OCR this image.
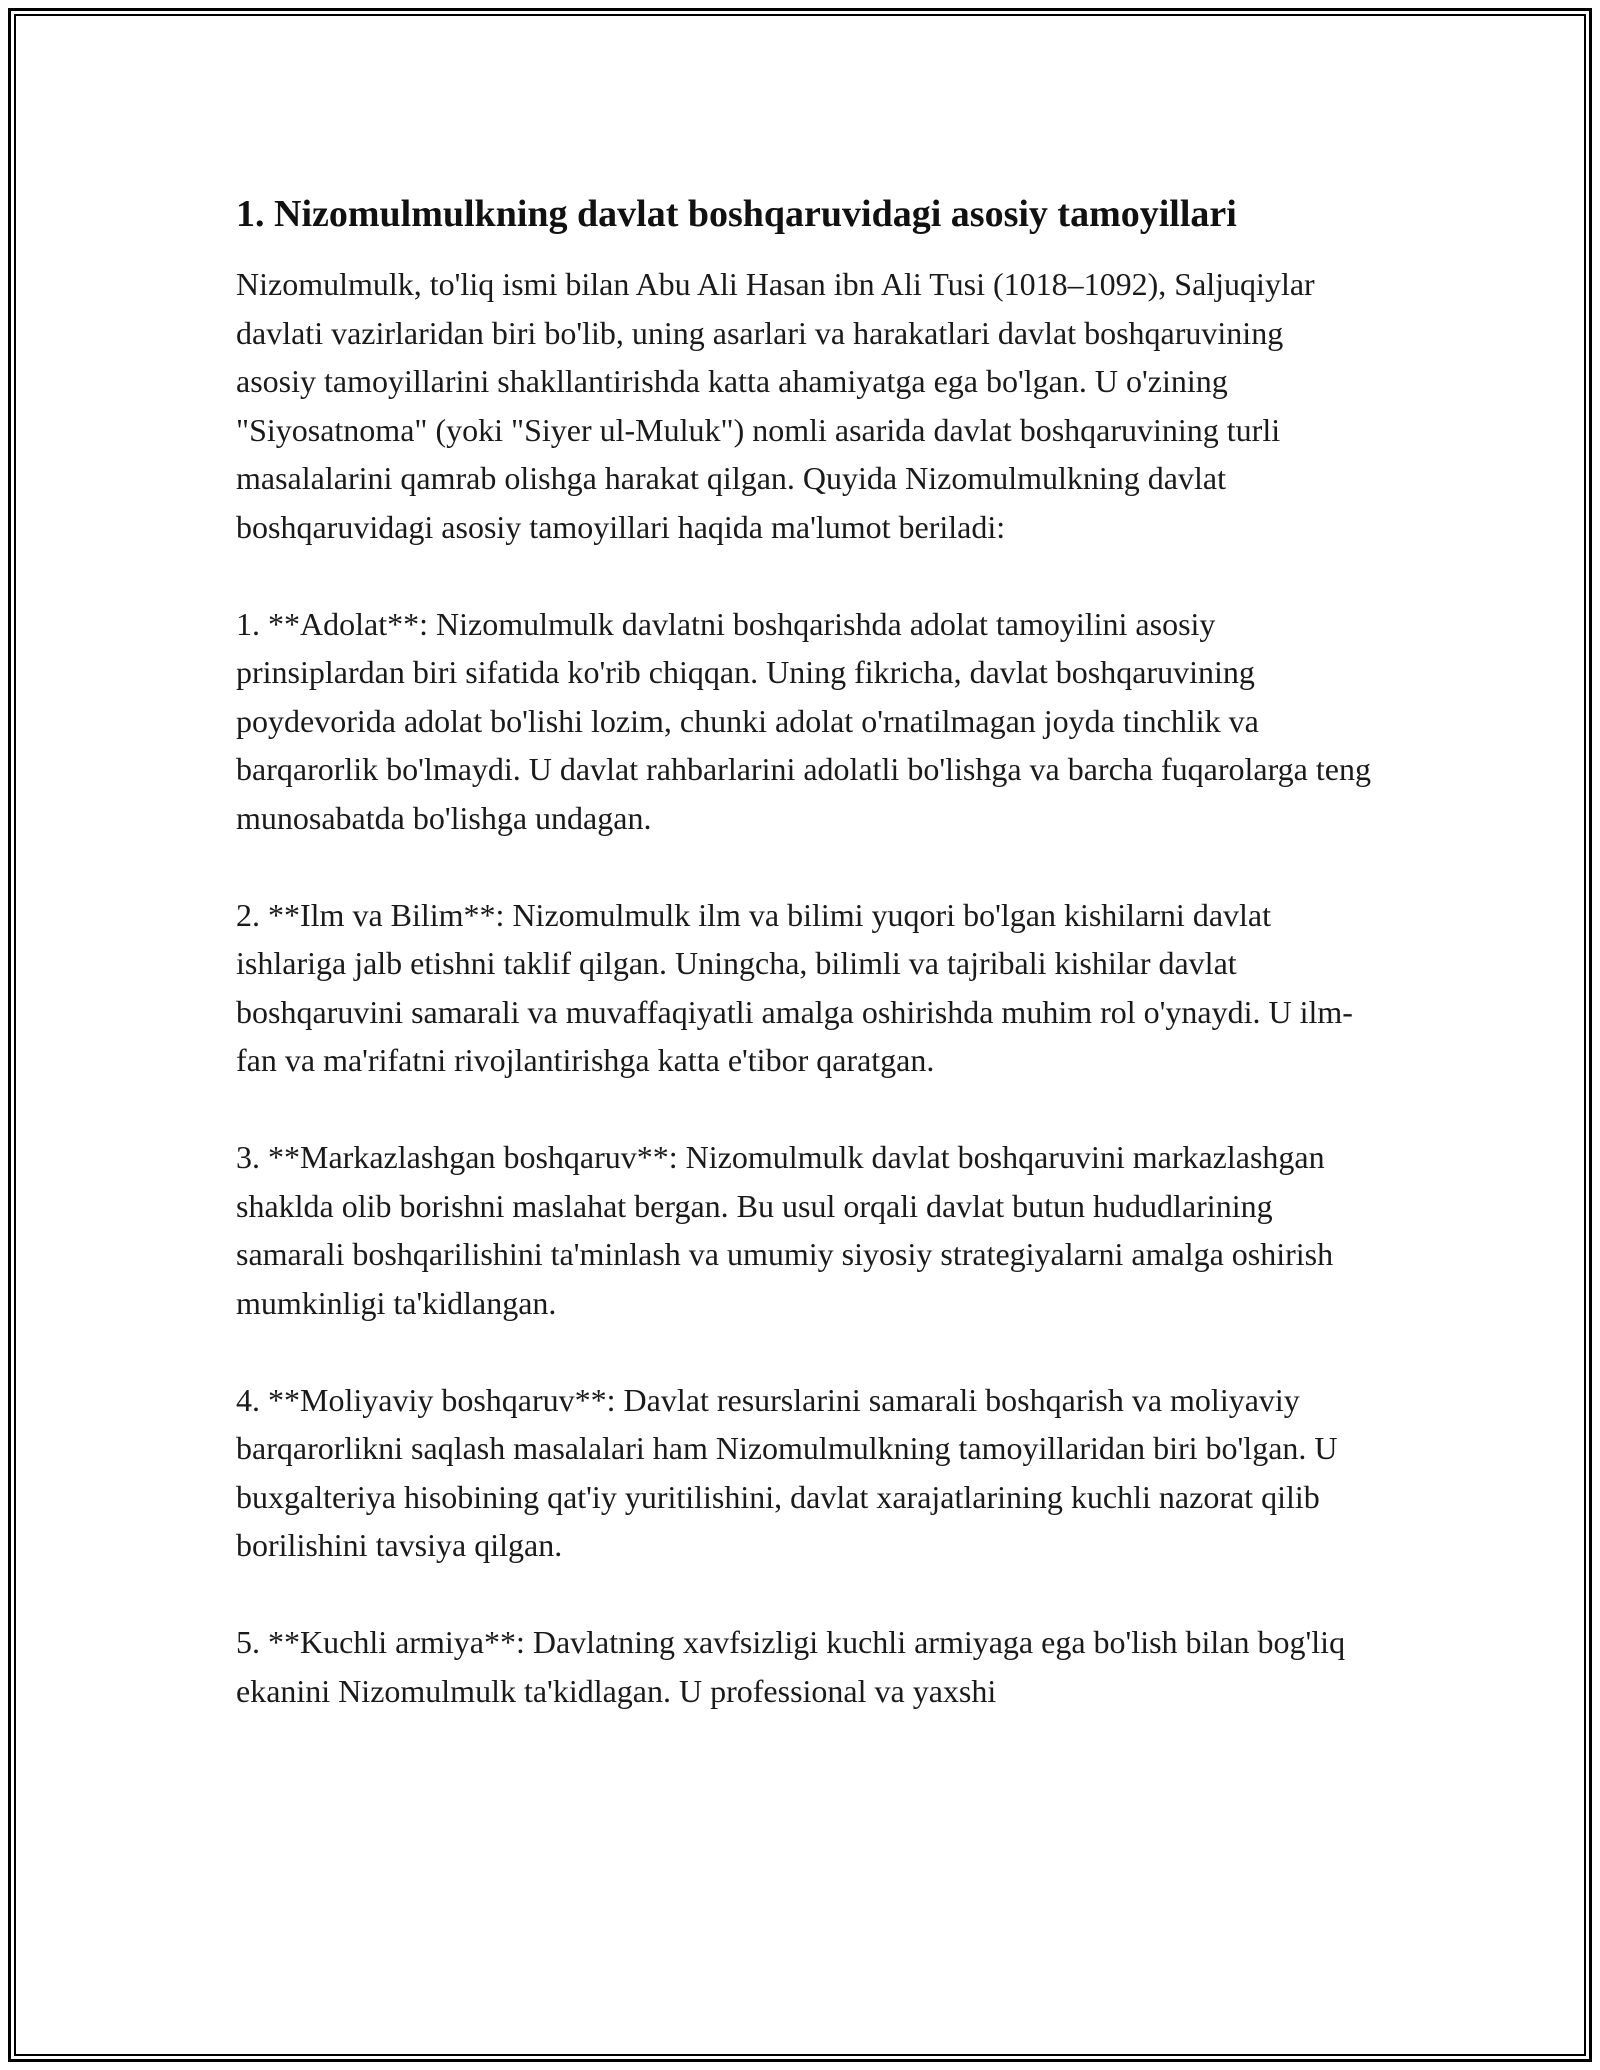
1. Nizomulmulkning davlat boshqaruvidagi asosiy tamoyillari

Nizomulmulk, to'liq ismi bilan Abu Ali Hasan ibn Ali Tusi (1018–1092), Saljuqiylar davlati vazirlaridan biri bo'lib, uning asarlari va harakatlari davlat boshqaruvining asosiy tamoyillarini shakllantirishda katta ahamiyatga ega bo'lgan. U o'zining "Siyosatnoma" (yoki "Siyer ul-Muluk") nomli asarida davlat boshqaruvining turli masalalarini qamrab olishga harakat qilgan. Quyida Nizomulmulkning davlat boshqaruvidagi asosiy tamoyillari haqida ma'lumot beriladi:

1. **Adolat**: Nizomulmulk davlatni boshqarishda adolat tamoyilini asosiy prinsiplardan biri sifatida ko'rib chiqqan. Uning fikricha, davlat boshqaruvining poydevorida adolat bo'lishi lozim, chunki adolat o'rnatilmagan joyda tinchlik va barqarorlik bo'lmaydi. U davlat rahbarlarini adolatli bo'lishga va barcha fuqarolarga teng munosabatda bo'lishga undagan.

2. **Ilm va Bilim**: Nizomulmulk ilm va bilimi yuqori bo'lgan kishilarni davlat ishlariga jalb etishni taklif qilgan. Uningcha, bilimli va tajribali kishilar davlat boshqaruvini samarali va muvaffaqiyatli amalga oshirishda muhim rol o'ynaydi. U ilm-fan va ma'rifatni rivojlantirishga katta e'tibor qaratgan.

3. **Markazlashgan boshqaruv**: Nizomulmulk davlat boshqaruvini markazlashgan shaklda olib borishni maslahat bergan. Bu usul orqali davlat butun hududlarining samarali boshqarilishini ta'minlash va umumiy siyosiy strategiyalarni amalga oshirish mumkinligi ta'kidlangan.

4. **Moliyaviy boshqaruv**: Davlat resurslarini samarali boshqarish va moliyaviy barqarorlikni saqlash masalalari ham Nizomulmulkning tamoyillaridan biri bo'lgan. U buxgalteriya hisobining qat'iy yuritilishini, davlat xarajatlarining kuchli nazorat qilib borilishini tavsiya qilgan.

5. **Kuchli armiya**: Davlatning xavfsizligi kuchli armiyaga ega bo'lish bilan bog'liq ekanini Nizomulmulk ta'kidlagan. U professional va yaxshi
